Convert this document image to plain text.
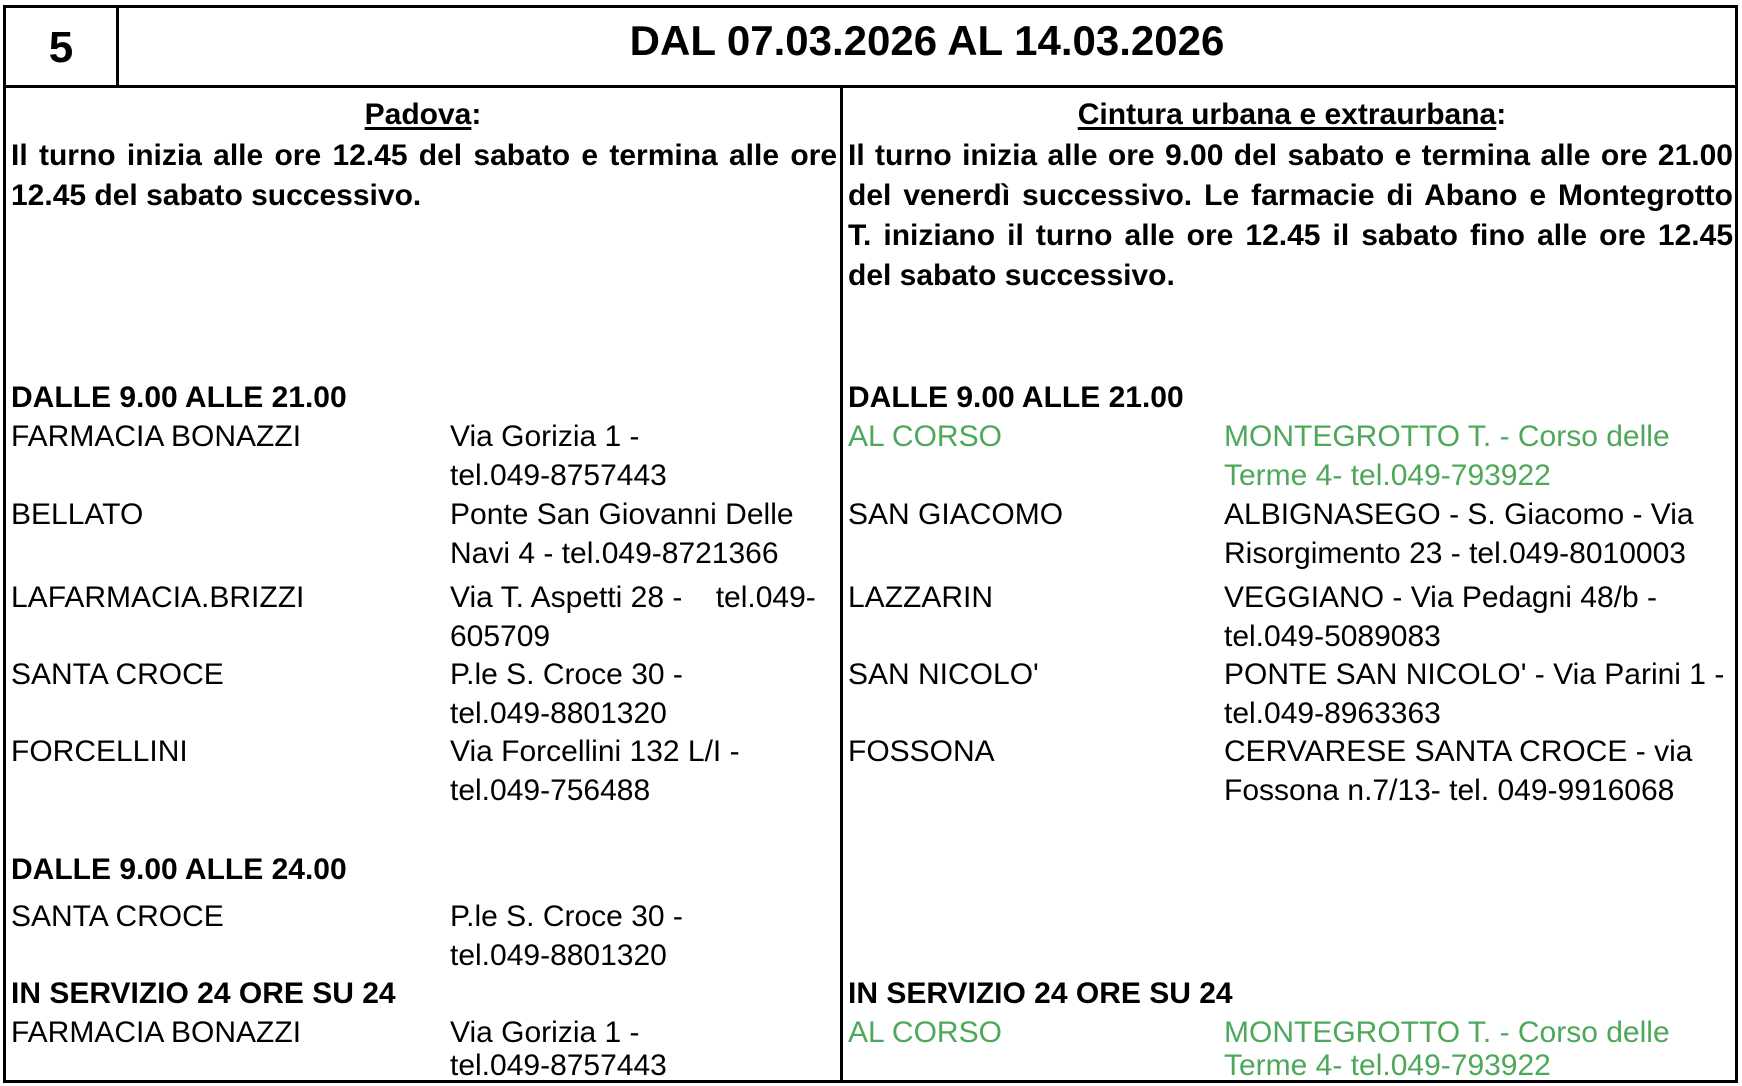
5	DAL 07.03.2026 AL 14.03.2026
Padova:
Il turno inizia alle ore 12.45 del sabato e termina alle ore 12.45 del sabato successivo.
DALLE 9.00 ALLE 21.00
FARMACIA BONAZZI	Via Gorizia 1 -
tel.049-8757443
BELLATO	Ponte San Giovanni Delle
Navi 4 - tel.049-8721366
LAFARMACIA.BRIZZI	Via T. Aspetti 28 -    tel.049-
605709
SANTA CROCE	P.le S. Croce 30 -
tel.049-8801320
FORCELLINI	Via Forcellini 132 L/I -
tel.049-756488
DALLE 9.00 ALLE 24.00
SANTA CROCE	P.le S. Croce 30 -
tel.049-8801320
IN SERVIZIO 24 ORE SU 24
FARMACIA BONAZZI	Via Gorizia 1 -
tel.049-8757443
Cintura urbana e extraurbana:
Il turno inizia alle ore 9.00 del sabato e termina alle ore 21.00 del venerdì successivo. Le farmacie di Abano e Montegrotto T. iniziano il turno alle ore 12.45 il sabato fino alle ore 12.45 del sabato successivo.
DALLE 9.00 ALLE 21.00
AL CORSO	MONTEGROTTO T. - Corso delle
Terme 4- tel.049-793922
SAN GIACOMO	ALBIGNASEGO - S. Giacomo - Via
Risorgimento 23 - tel.049-8010003
LAZZARIN	VEGGIANO - Via Pedagni 48/b -
tel.049-5089083
SAN NICOLO'	PONTE SAN NICOLO' - Via Parini 1 -
tel.049-8963363
FOSSONA	CERVARESE SANTA CROCE - via
Fossona n.7/13- tel. 049-9916068
IN SERVIZIO 24 ORE SU 24
AL CORSO	MONTEGROTTO T. - Corso delle
Terme 4- tel.049-793922
